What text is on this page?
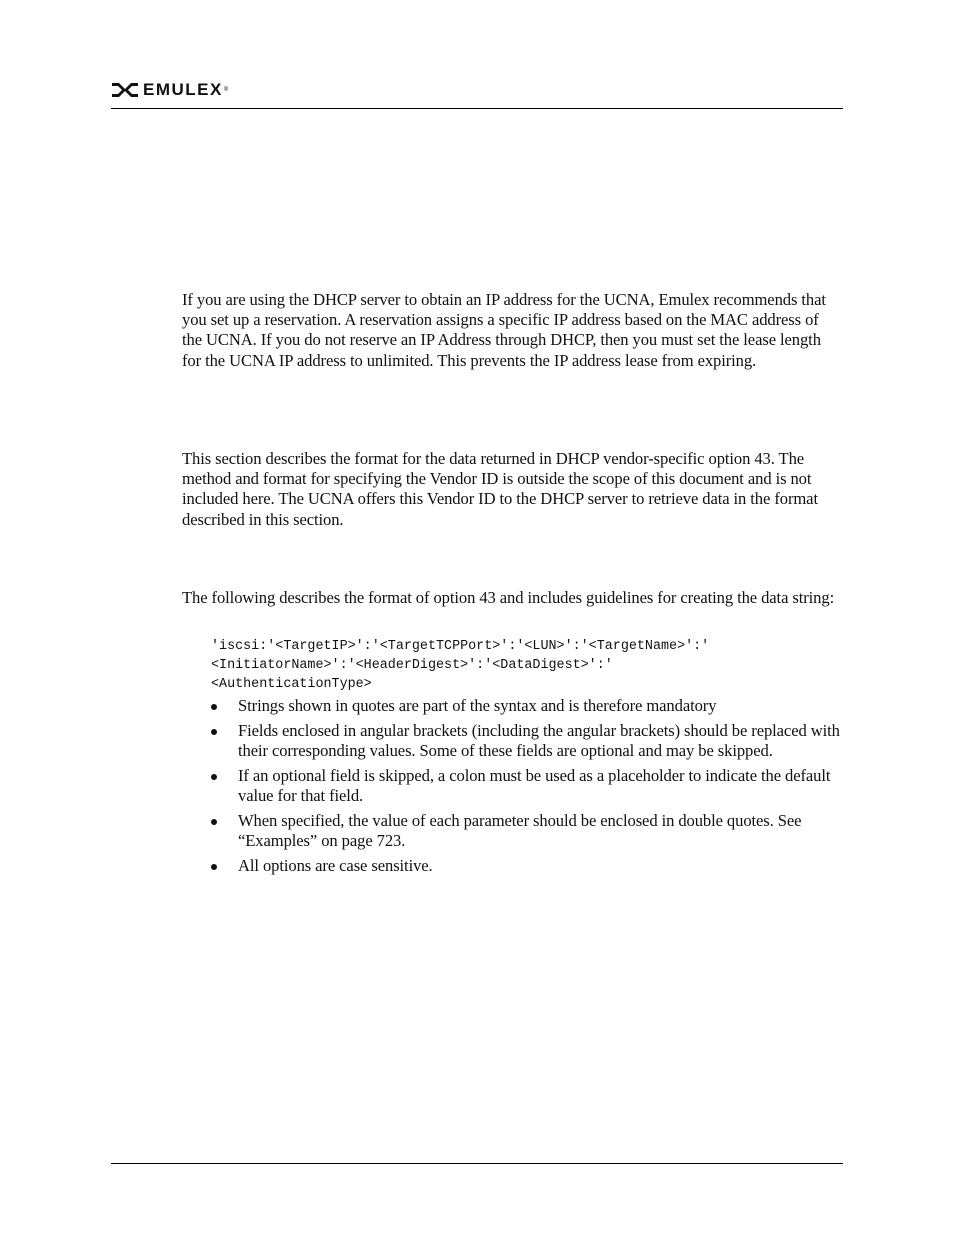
EMULEX ®

If you are using the DHCP server to obtain an IP address for the UCNA, Emulex recommends that you set up a reservation. A reservation assigns a specific IP address based on the MAC address of the UCNA. If you do not reserve an IP Address through DHCP, then you must set the lease length for the UCNA IP address to unlimited. This prevents the IP address lease from expiring.

This section describes the format for the data returned in DHCP vendor-specific option 43. The method and format for specifying the Vendor ID is outside the scope of this document and is not included here. The UCNA offers this Vendor ID to the DHCP server to retrieve data in the format described in this section.

The following describes the format of option 43 and includes guidelines for creating the data string:

'iscsi:'<TargetIP>':'<TargetTCPPort>':'<LUN>':'<TargetName>':'
<InitiatorName>':'<HeaderDigest>':'<DataDigest>':'
<AuthenticationType>
Strings shown in quotes are part of the syntax and is therefore mandatory
Fields enclosed in angular brackets (including the angular brackets) should be replaced with their corresponding values. Some of these fields are optional and may be skipped.
If an optional field is skipped, a colon must be used as a placeholder to indicate the default value for that field.
When specified, the value of each parameter should be enclosed in double quotes. See “Examples” on page 723.
All options are case sensitive.
